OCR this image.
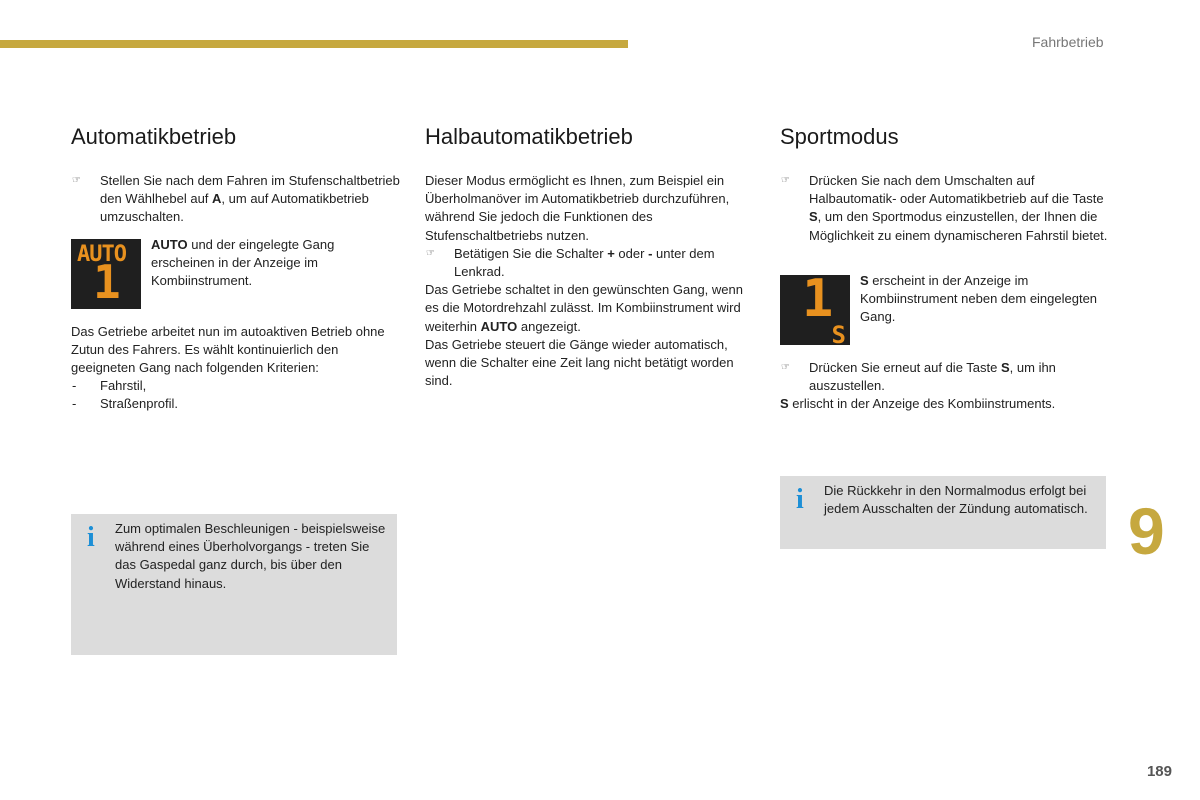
Fahrbetrieb
9
189
Automatikbetrieb
☞ Stellen Sie nach dem Fahren im Stufenschaltbetrieb den Wählhebel auf A, um auf Automatikbetrieb umzuschalten.
AUTO
1
AUTO und der eingelegte Gang erscheinen in der Anzeige im Kombiinstrument.

Das Getriebe arbeitet nun im autoaktiven Betrieb ohne Zutun des Fahrers. Es wählt kontinuierlich den geeigneten Gang nach folgenden Kriterien:

- Fahrstil,
- Straßenprofil.
i Zum optimalen Beschleunigen - beispielsweise während eines Überholvorgangs - treten Sie das Gaspedal ganz durch, bis über den Widerstand hinaus.
Halbautomatikbetrieb

Dieser Modus ermöglicht es Ihnen, zum Beispiel ein Überholmanöver im Automatikbetrieb durchzuführen, während Sie jedoch die Funktionen des Stufenschaltbetriebs nutzen.

☞ Betätigen Sie die Schalter + oder - unter dem Lenkrad.

Das Getriebe schaltet in den gewünschten Gang, wenn es die Motordrehzahl zulässt. Im Kombiinstrument wird weiterhin AUTO angezeigt.

Das Getriebe steuert die Gänge wieder automatisch, wenn die Schalter eine Zeit lang nicht betätigt worden sind.

Sportmodus
☞ Drücken Sie nach dem Umschalten auf Halbautomatik- oder Automatikbetrieb auf die Taste S, um den Sportmodus einzustellen, der Ihnen die Möglichkeit zu einem dynamischeren Fahrstil bietet.
1
S
S erscheint in der Anzeige im Kombiinstrument neben dem eingelegten Gang.
☞ Drücken Sie erneut auf die Taste S, um ihn auszustellen.

S erlischt in der Anzeige des Kombiinstruments.

i Die Rückkehr in den Normalmodus erfolgt bei jedem Ausschalten der Zündung automatisch.
